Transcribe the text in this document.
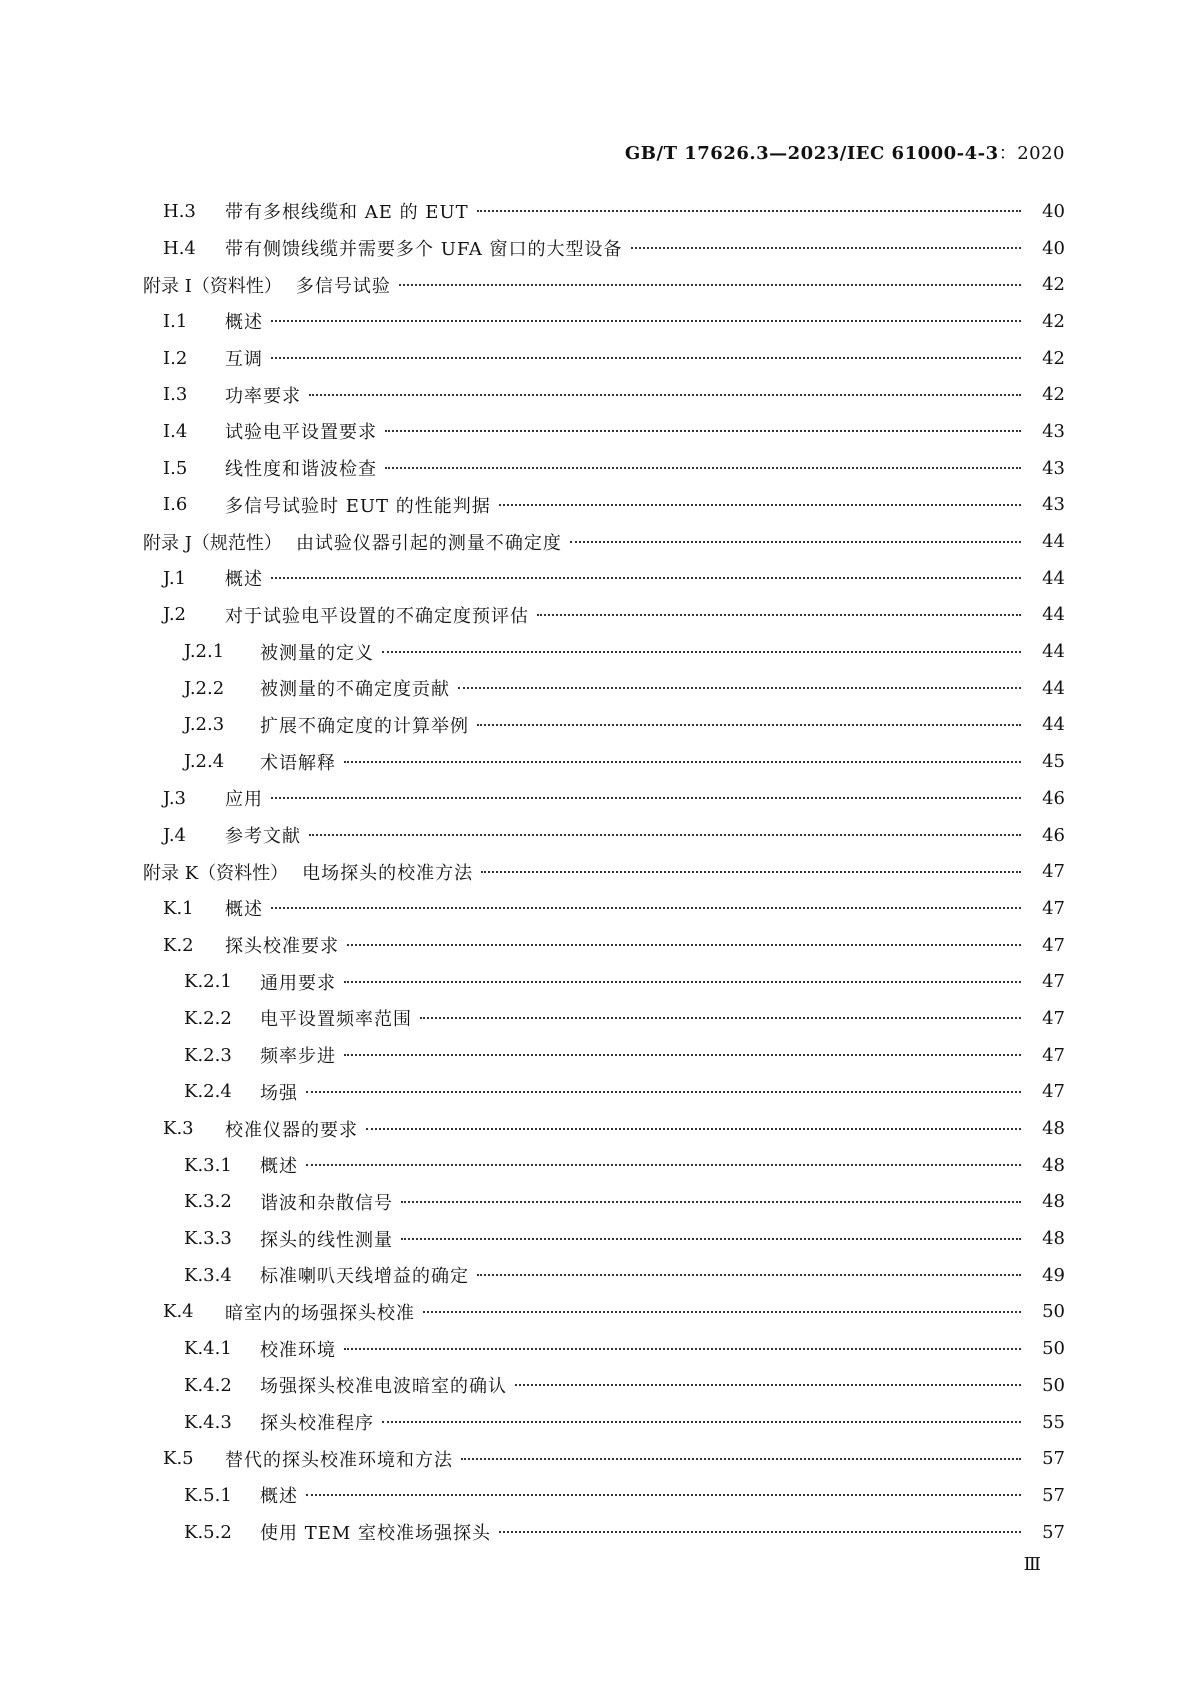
GB/T 17626.3—2023/IEC 61000-4-3：2020
H.3	带有多根线缆和 AE 的 EUT	40
H.4	带有侧馈线缆并需要多个 UFA 窗口的大型设备	40
附录 I（资料性） 多信号试验	42
I.1	概述	42
I.2	互调	42
I.3	功率要求	42
I.4	试验电平设置要求	43
I.5	线性度和谐波检查	43
I.6	多信号试验时 EUT 的性能判据	43
附录 J（规范性） 由试验仪器引起的测量不确定度	44
J.1	概述	44
J.2	对于试验电平设置的不确定度预评估	44
J.2.1	被测量的定义	44
J.2.2	被测量的不确定度贡献	44
J.2.3	扩展不确定度的计算举例	44
J.2.4	术语解释	45
J.3	应用	46
J.4	参考文献	46
附录 K（资料性） 电场探头的校准方法	47
K.1	概述	47
K.2	探头校准要求	47
K.2.1	通用要求	47
K.2.2	电平设置频率范围	47
K.2.3	频率步进	47
K.2.4	场强	47
K.3	校准仪器的要求	48
K.3.1	概述	48
K.3.2	谐波和杂散信号	48
K.3.3	探头的线性测量	48
K.3.4	标准喇叭天线增益的确定	49
K.4	暗室内的场强探头校准	50
K.4.1	校准环境	50
K.4.2	场强探头校准电波暗室的确认	50
K.4.3	探头校准程序	55
K.5	替代的探头校准环境和方法	57
K.5.1	概述	57
K.5.2	使用 TEM 室校准场强探头	57
Ⅲ
